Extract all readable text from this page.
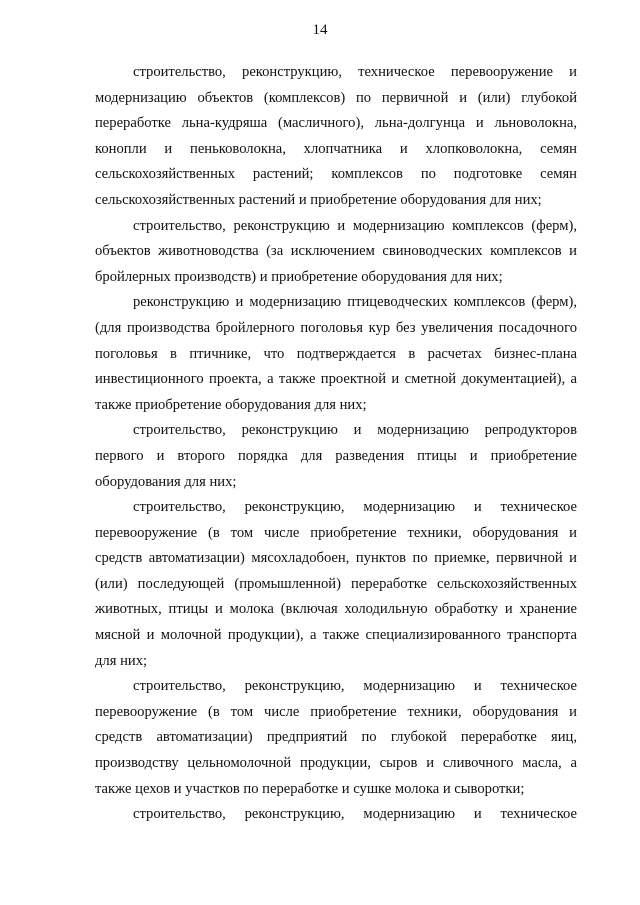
14

строительство, реконструкцию, техническое перевооружение и модернизацию объектов (комплексов) по первичной и (или) глубокой переработке льна-кудряша (масличного), льна-долгунца и льноволокна, конопли и пеньковолокна, хлопчатника и хлопковолокна, семян сельскохозяйственных растений; комплексов по подготовке семян сельскохозяйственных растений и приобретение оборудования для них;

строительство, реконструкцию и модернизацию комплексов (ферм), объектов животноводства (за исключением свиноводческих комплексов и бройлерных производств) и приобретение оборудования для них;

реконструкцию и модернизацию птицеводческих комплексов (ферм), (для производства бройлерного поголовья кур без увеличения посадочного поголовья в птичнике, что подтверждается в расчетах бизнес-плана инвестиционного проекта, а также проектной и сметной документацией), а также приобретение оборудования для них;

строительство, реконструкцию и модернизацию репродукторов первого и второго порядка для разведения птицы и приобретение оборудования для них;

строительство, реконструкцию, модернизацию и техническое перевооружение (в том числе приобретение техники, оборудования и средств автоматизации) мясохладобоен, пунктов по приемке, первичной и (или) последующей (промышленной) переработке сельскохозяйственных животных, птицы и молока (включая холодильную обработку и хранение мясной и молочной продукции), а также специализированного транспорта для них;

строительство, реконструкцию, модернизацию и техническое перевооружение (в том числе приобретение техники, оборудования и средств автоматизации) предприятий по глубокой переработке яиц, производству цельномолочной продукции, сыров и сливочного масла, а также цехов и участков по переработке и сушке молока и сыворотки;

строительство, реконструкцию, модернизацию и техническое
